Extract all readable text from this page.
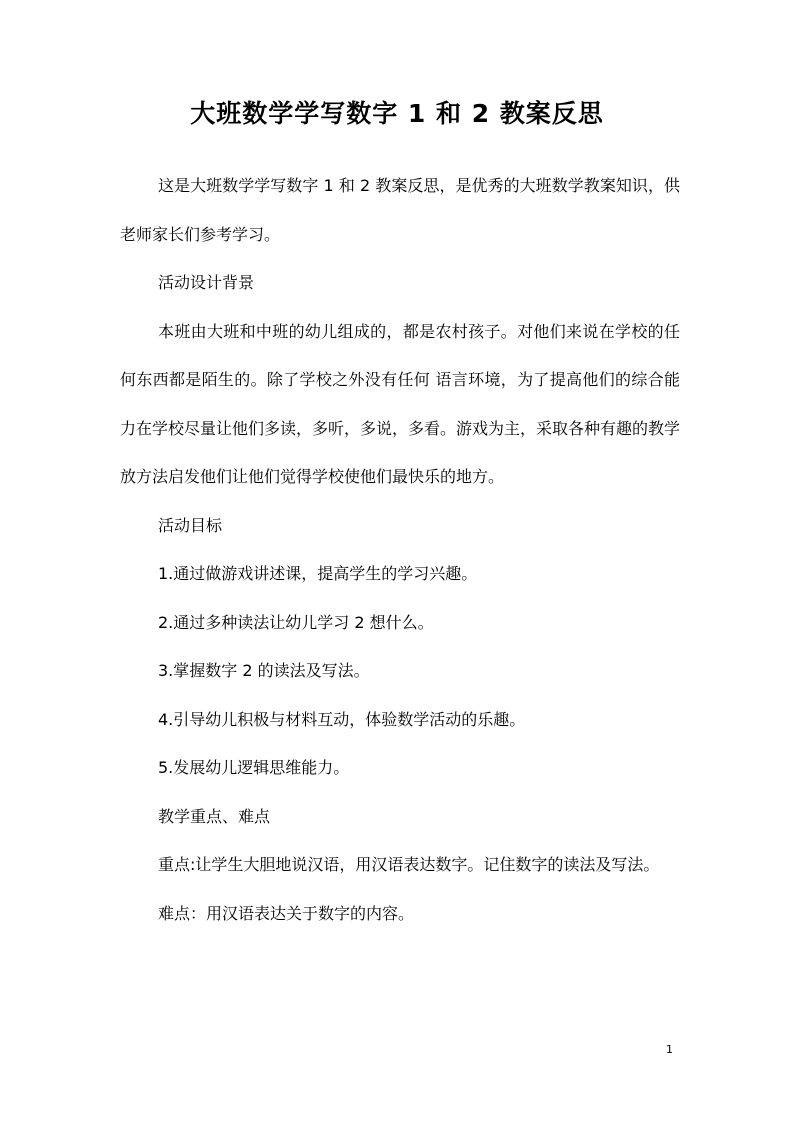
大班数学学写数字 1 和 2 教案反思

这是大班数学学写数字 1 和 2 教案反思，是优秀的大班数学教案知识，供老师家长们参考学习。

活动设计背景

本班由大班和中班的幼儿组成的，都是农村孩子。对他们来说在学校的任何东西都是陌生的。除了学校之外没有任何 语言环境，为了提高他们的综合能力在学校尽量让他们多读，多听，多说，多看。游戏为主，采取各种有趣的教学放方法启发他们让他们觉得学校使他们最快乐的地方。

活动目标

1.通过做游戏讲述课，提高学生的学习兴趣。

2.通过多种读法让幼儿学习 2 想什么。

3.掌握数字 2 的读法及写法。

4.引导幼儿积极与材料互动，体验数学活动的乐趣。

5.发展幼儿逻辑思维能力。

教学重点、难点

重点:让学生大胆地说汉语，用汉语表达数字。记住数字的读法及写法。

难点：用汉语表达关于数字的内容。

1
